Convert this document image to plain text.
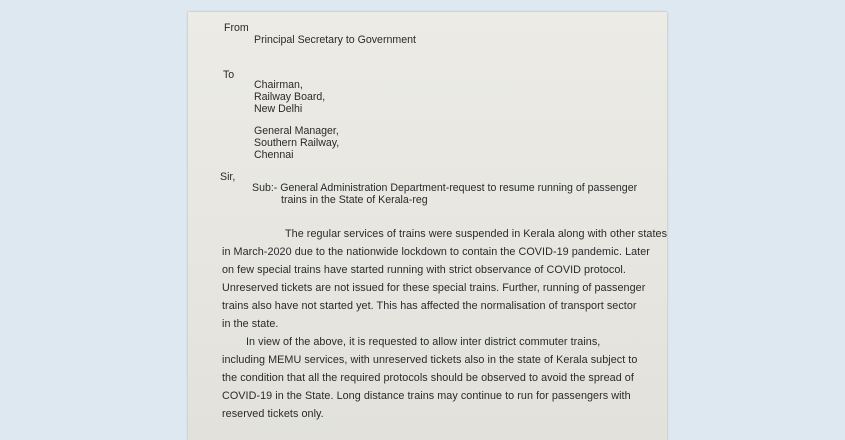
From
Principal Secretary to Government
To
Chairman,
Railway Board,
New Delhi
General Manager,
Southern Railway,
Chennai
Sir,
Sub:- General Administration Department-request to resume running of passenger
trains in the State of Kerala-reg
The regular services of trains were suspended in Kerala along with other states
in March-2020 due to the nationwide lockdown to contain the COVID-19 pandemic. Later
on few special trains have started running with strict observance of COVID protocol.
Unreserved tickets are not issued for these special trains. Further, running of passenger
trains also have not started yet. This has affected the normalisation of transport sector
in the state.
In view of the above, it is requested to allow inter district commuter trains,
including MEMU services, with unreserved tickets also in the state of Kerala subject to
the condition that all the required protocols should be observed to avoid the spread of
COVID-19 in the State. Long distance trains may continue to run for passengers with
reserved tickets only.
